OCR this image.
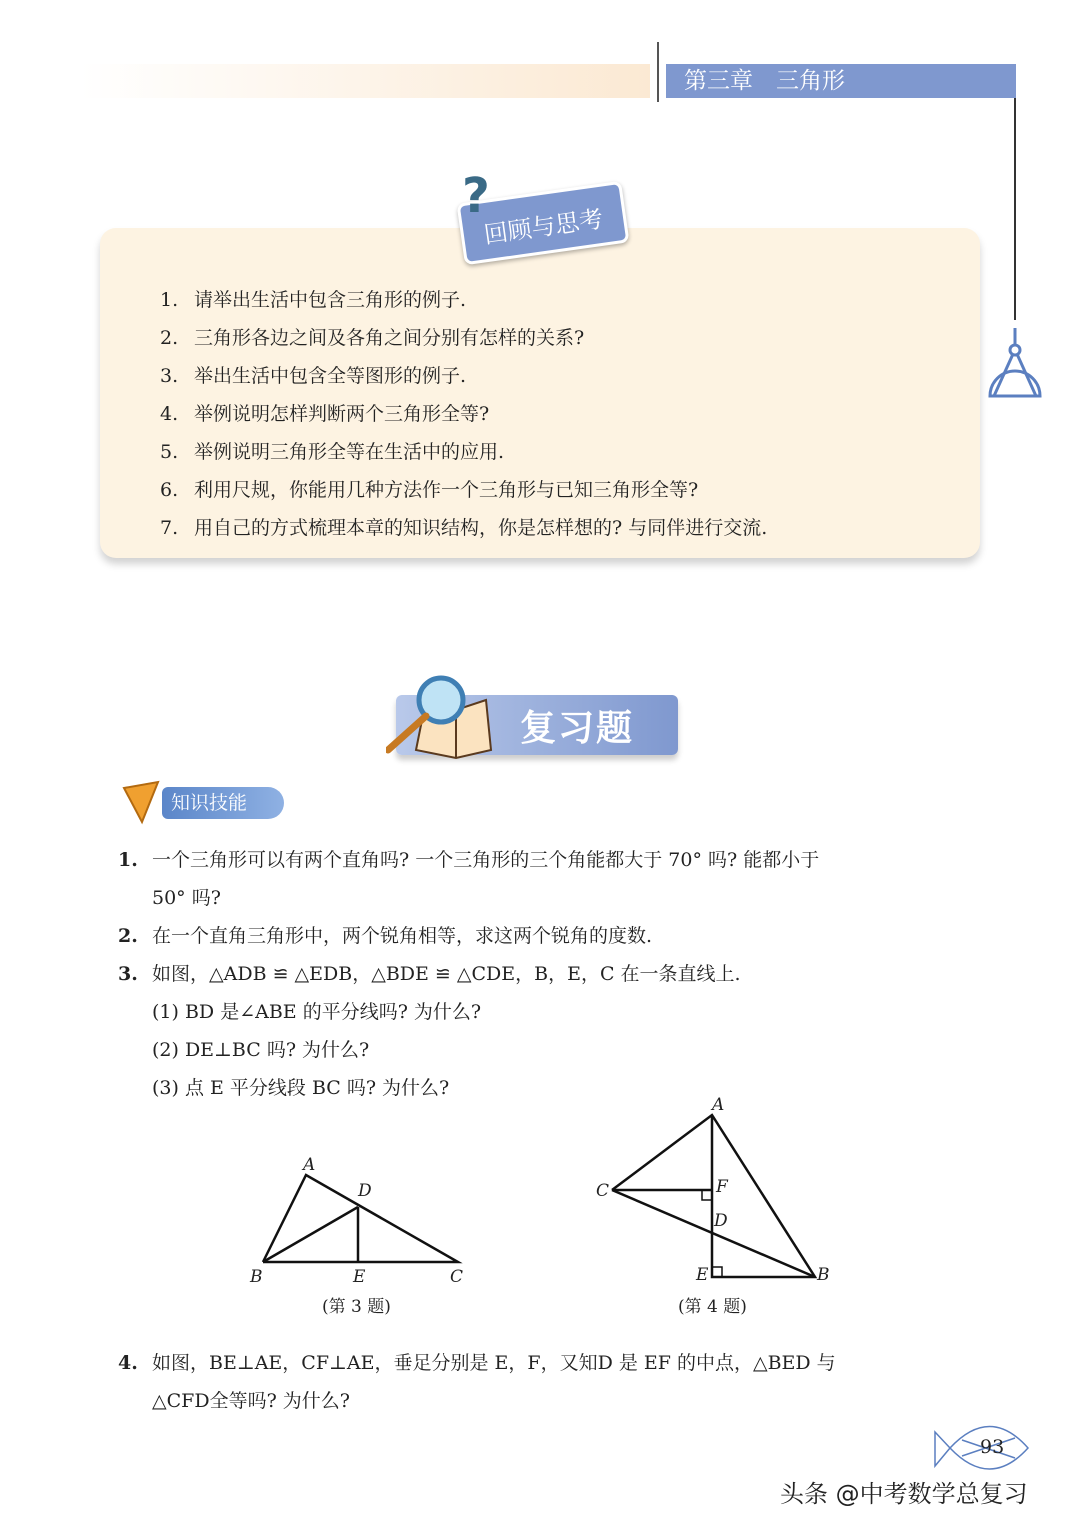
第三章　三角形
回顾与思考
?
1. 请举出生活中包含三角形的例子.
2. 三角形各边之间及各角之间分别有怎样的关系?
3. 举出生活中包含全等图形的例子.
4. 举例说明怎样判断两个三角形全等?
5. 举例说明三角形全等在生活中的应用.
6. 利用尺规，你能用几种方法作一个三角形与已知三角形全等?
7. 用自己的方式梳理本章的知识结构，你是怎样想的? 与同伴进行交流.
复习题
知识技能
1. 一个三角形可以有两个直角吗? 一个三角形的三个角能都大于 70° 吗? 能都小于
50° 吗?
2. 在一个直角三角形中，两个锐角相等，求这两个锐角的度数.
3. 如图，△ADB ≌ △EDB，△BDE ≌ △CDE，B，E，C 在一条直线上.
(1) BD 是∠ABE 的平分线吗? 为什么?
(2) DE⊥BC 吗? 为什么?
(3) 点 E 平分线段 BC 吗? 为什么?
A
D
B	E	C
(第 3 题)
A
C	F
D
E	B
(第 4 题)
4. 如图，BE⊥AE，CF⊥AE，垂足分别是 E，F，又知D 是 EF 的中点，△BED 与
△CFD全等吗? 为什么?
93
头条 @中考数学总复习
